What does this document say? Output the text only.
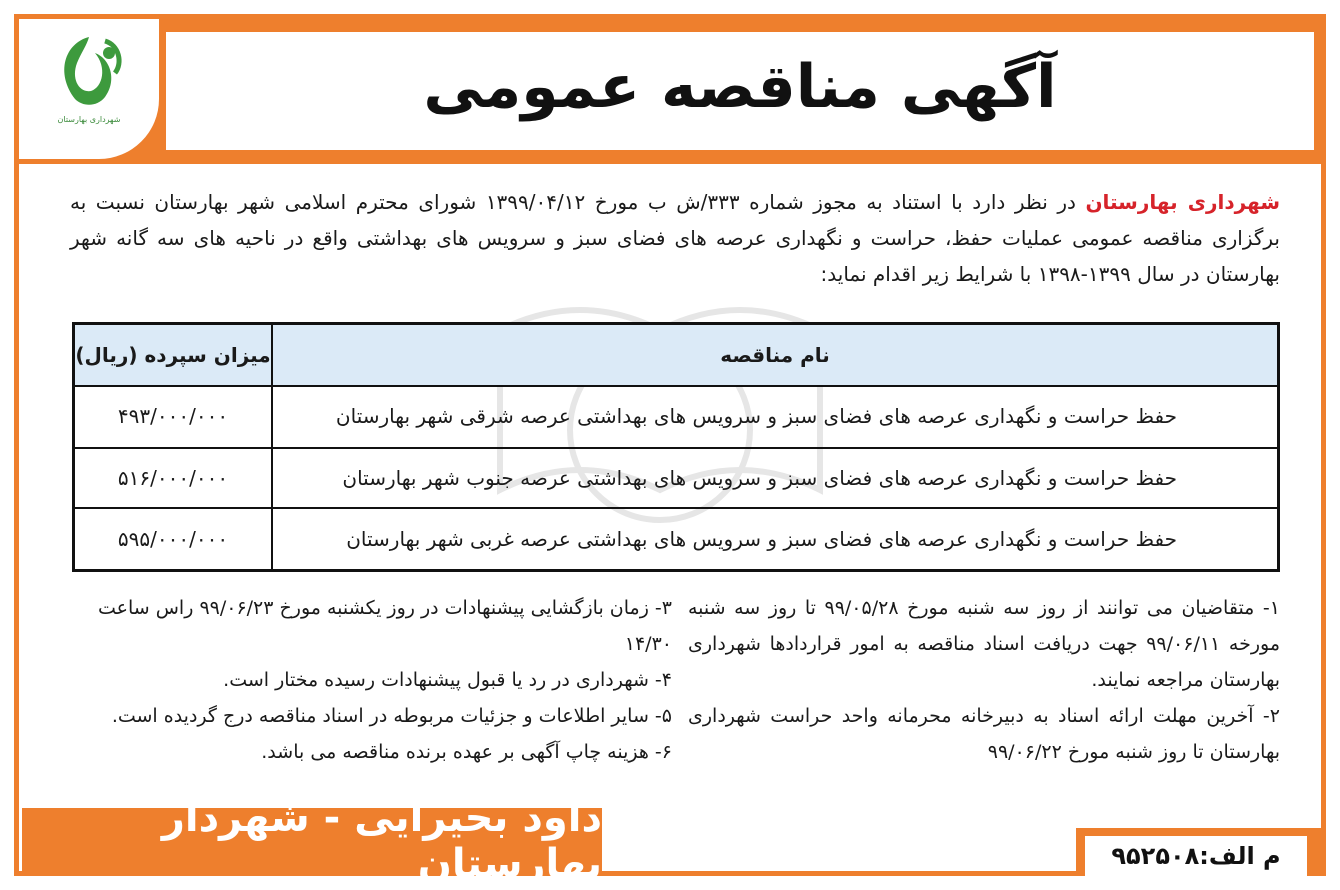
آگهی مناقصه عمومی
شهرداری بهارستان
شهرداری بهارستان در نظر دارد با استناد به مجوز شماره ۳۳۳/ش ب مورخ ۱۳۹۹/۰۴/۱۲ شورای محترم اسلامی شهر بهارستان نسبت به برگزاری مناقصه عمومی عملیات حفظ، حراست و نگهداری عرصه های فضای سبز و سرویس های بهداشتی واقع در ناحیه های سه گانه شهر بهارستان در سال ۱۳۹۹-۱۳۹۸ با شرایط زیر اقدام نماید:
نام مناقصه
میزان سپرده (ریال)
حفظ حراست و نگهداری عرصه های فضای سبز و سرویس های بهداشتی عرصه شرقی شهر بهارستان
۴۹۳/۰۰۰/۰۰۰
حفظ حراست و نگهداری عرصه های فضای سبز و سرویس های بهداشتی عرصه جنوب شهر بهارستان
۵۱۶/۰۰۰/۰۰۰
حفظ حراست و نگهداری عرصه های فضای سبز و سرویس های بهداشتی عرصه غربی شهر بهارستان
۵۹۵/۰۰۰/۰۰۰

۱- متقاضیان می توانند از روز سه شنبه مورخ ۹۹/۰۵/۲۸ تا روز سه شنبه مورخه ۹۹/۰۶/۱۱ جهت دریافت اسناد مناقصه به امور قراردادها شهرداری بهارستان مراجعه نمایند.

۲- آخرین مهلت ارائه اسناد به دبیرخانه محرمانه واحد حراست شهرداری بهارستان تا روز شنبه مورخ ۹۹/۰۶/۲۲

۳- زمان بازگشایی پیشنهادات در روز یکشنبه مورخ ۹۹/۰۶/۲۳ راس ساعت ۱۴/۳۰

۴- شهرداری در رد یا قبول پیشنهادات رسیده مختار است.

۵- سایر اطلاعات و جزئیات مربوطه در اسناد مناقصه درج گردیده است.

۶- هزینه چاپ آگهی بر عهده برنده مناقصه می باشد.

داود بحیرایی - شهردار بهارستان	م الف:۹۵۲۵۰۸
